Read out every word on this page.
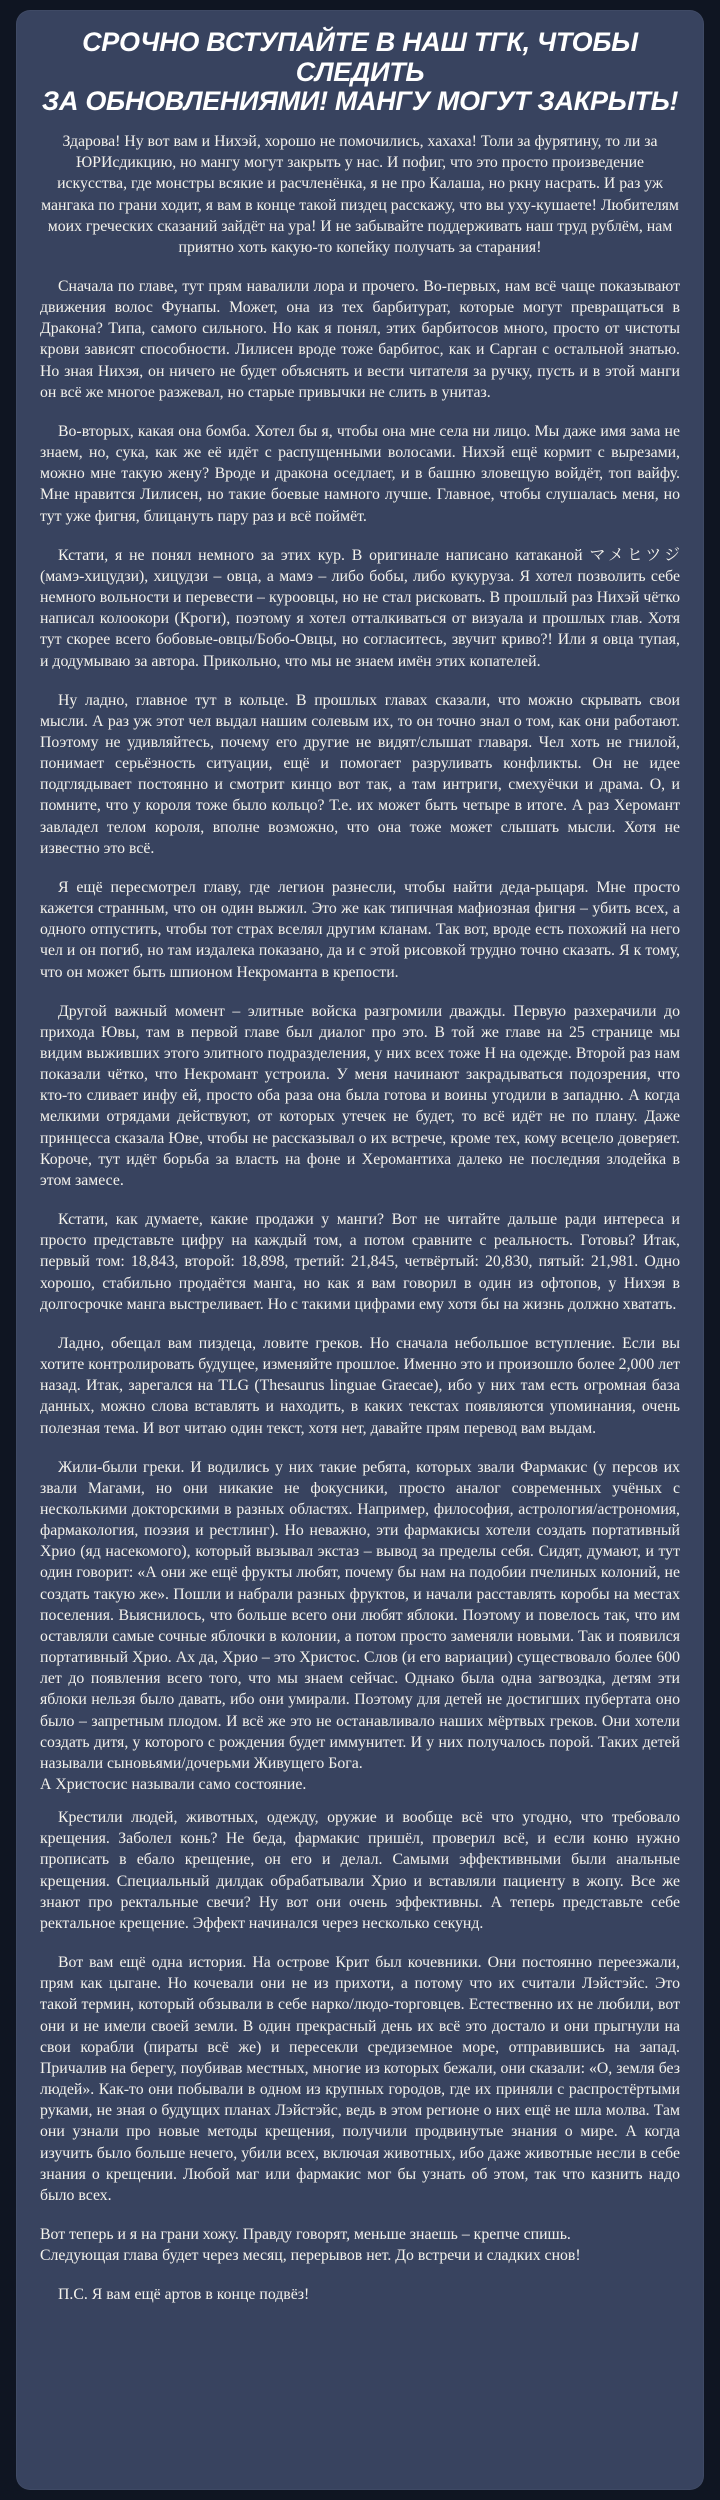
СРОЧНО ВСТУПАЙТЕ В НАШ ТГК, ЧТОБЫ СЛЕДИТЬ
ЗА ОБНОВЛЕНИЯМИ! МАНГУ МОГУТ ЗАКРЫТЬ!

Здарова! Ну вот вам и Нихэй, хорошо не помочились, хахаха! Толи за фурятину, то ли за ЮРИсдикцию, но мангу могут закрыть у нас. И пофиг, что это просто произведение искусства, где монстры всякие и расчленёнка, я не про Калаша, но ркну насрать. И раз уж мангака по грани ходит, я вам в конце такой пиздец расскажу, что вы уху-кушаете! Любителям моих греческих сказаний зайдёт на ура! И не забывайте поддерживать наш труд рублём, нам приятно хоть какую-то копейку получать за старания!

Сначала по главе, тут прям навалили лора и прочего. Во-первых, нам всё чаще показывают движения волос Фунапы. Может, она из тех барбитурат, которые могут превращаться в Дракона? Типа, самого сильного. Но как я понял, этих барбитосов много, просто от чистоты крови зависят способности. Лилисен вроде тоже барбитос, как и Сарган с остальной знатью. Но зная Нихэя, он ничего не будет объяснять и вести читателя за ручку, пусть и в этой манги он всё же многое разжевал, но старые привычки не слить в унитаз.

Во-вторых, какая она бомба. Хотел бы я, чтобы она мне села ни лицо. Мы даже имя зама не знаем, но, сука, как же её идёт с распущенными волосами. Нихэй ещё кормит с вырезами, можно мне такую жену? Вроде и дракона оседлает, и в башню зловещую войдёт, топ вайфу. Мне нравится Лилисен, но такие боевые намного лучше. Главное, чтобы слушалась меня, но тут уже фигня, блицануть пару раз и всё поймёт.

Кстати, я не понял немного за этих кур. В оригинале написано катаканой マメヒツジ (мамэ-хицудзи), хицудзи – овца, а мамэ – либо бобы, либо кукуруза. Я хотел позволить себе немного вольности и перевести – куроовцы, но не стал рисковать. В прошлый раз Нихэй чётко написал колоокори (Кроги), поэтому я хотел отталкиваться от визуала и прошлых глав. Хотя тут скорее всего бобовые-овцы/Бобо-Овцы, но согласитесь, звучит криво?! Или я овца тупая, и додумываю за автора. Прикольно, что мы не знаем имён этих копателей.

Ну ладно, главное тут в кольце. В прошлых главах сказали, что можно скрывать свои мысли. А раз уж этот чел выдал нашим солевым их, то он точно знал о том, как они работают. Поэтому не удивляйтесь, почему его другие не видят/слышат главаря. Чел хоть не гнилой, понимает серьёзность ситуации, ещё и помогает разруливать конфликты. Он не идее подглядывает постоянно и смотрит кинцо вот так, а там интриги, смехуёчки и драма. О, и помните, что у короля тоже было кольцо? Т.е. их может быть четыре в итоге. А раз Херомант завладел телом короля, вполне возможно, что она тоже может слышать мысли. Хотя не известно это всё.

Я ещё пересмотрел главу, где легион разнесли, чтобы найти деда-рыцаря. Мне просто кажется странным, что он один выжил. Это же как типичная мафиозная фигня – убить всех, а одного отпустить, чтобы тот страх вселял другим кланам. Так вот, вроде есть похожий на него чел и он погиб, но там издалека показано, да и с этой рисовкой трудно точно сказать. Я к тому, что он может быть шпионом Некроманта в крепости.

Другой важный момент – элитные войска разгромили дважды. Первую разхерачили до прихода Ювы, там в первой главе был диалог про это. В той же главе на 25 странице мы видим выживших этого элитного подразделения, у них всех тоже Н на одежде. Второй раз нам показали чётко, что Некромант устроила. У меня начинают закрадываться подозрения, что кто-то сливает инфу ей, просто оба раза она была готова и воины угодили в западню. А когда мелкими отрядами действуют, от которых утечек не будет, то всё идёт не по плану. Даже принцесса сказала Юве, чтобы не рассказывал о их встрече, кроме тех, кому всецело доверяет. Короче, тут идёт борьба за власть на фоне и Херомантиха далеко не последняя злодейка в этом замесе.

Кстати, как думаете, какие продажи у манги? Вот не читайте дальше ради интереса и просто представьте цифру на каждый том, а потом сравните с реальность. Готовы? Итак, первый том: 18,843, второй: 18,898, третий: 21,845, четвёртый: 20,830, пятый: 21,981. Одно хорошо, стабильно продаётся манга, но как я вам говорил в один из офтопов, у Нихэя в долгосрочке манга выстреливает. Но с такими цифрами ему хотя бы на жизнь должно хватать.

Ладно, обещал вам пиздеца, ловите греков. Но сначала небольшое вступление. Если вы хотите контролировать будущее, изменяйте прошлое. Именно это и произошло более 2,000 лет назад. Итак, зарегался на TLG (Thesaurus linguae Graecae), ибо у них там есть огромная база данных, можно слова вставлять и находить, в каких текстах появляются упоминания, очень полезная тема. И вот читаю один текст, хотя нет, давайте прям перевод вам выдам.

Жили-были греки. И водились у них такие ребята, которых звали Фармакис (у персов их звали Магами, но они никакие не фокусники, просто аналог современных учёных с несколькими докторскими в разных областях. Например, философия, астрология/астрономия, фармакология, поэзия и рестлинг). Но неважно, эти фармакисы хотели создать портативный Хрио (яд насекомого), который вызывал экстаз – вывод за пределы себя. Сидят, думают, и тут один говорит: «А они же ещё фрукты любят, почему бы нам на подобии пчелиных колоний, не создать такую же». Пошли и набрали разных фруктов, и начали расставлять коробы на местах поселения. Выяснилось, что больше всего они любят яблоки. Поэтому и повелось так, что им оставляли самые сочные яблочки в колонии, а потом просто заменяли новыми. Так и появился портативный Хрио. Ах да, Хрио – это Христос. Слов (и его вариации) существовало более 600 лет до появления всего того, что мы знаем сейчас. Однако была одна загвоздка, детям эти яблоки нельзя было давать, ибо они умирали. Поэтому для детей не достигших пубертата оно было – запретным плодом. И всё же это не останавливало наших мёртвых греков. Они хотели создать дитя, у которого с рождения будет иммунитет. И у них получалось порой. Таких детей называли сыновьями/дочерьми Живущего Бога.
А Христосис называли само состояние.

Крестили людей, животных, одежду, оружие и вообще всё что угодно, что требовало крещения. Заболел конь? Не беда, фармакис пришёл, проверил всё, и если коню нужно прописать в ебало крещение, он его и делал. Самыми эффективными были анальные крещения. Специальный дилдак обрабатывали Хрио и вставляли пациенту в жопу. Все же знают про ректальные свечи? Ну вот они очень эффективны. А теперь представьте себе ректальное крещение. Эффект начинался через несколько секунд.

Вот вам ещё одна история. На острове Крит был кочевники. Они постоянно переезжали, прям как цыгане. Но кочевали они не из прихоти, а потому что их считали Лэйстэйс. Это такой термин, который обзывали в себе нарко/людо-торговцев. Естественно их не любили, вот они и не имели своей земли. В один прекрасный день их всё это достало и они прыгнули на свои корабли (пираты всё же) и пересекли средиземное море, отправившись на запад. Причалив на берегу, поубивав местных, многие из которых бежали, они сказали: «О, земля без людей». Как-то они побывали в одном из крупных городов, где их приняли с распростёртыми руками, не зная о будущих планах Лэйстэйс, ведь в этом регионе о них ещё не шла молва. Там они узнали про новые методы крещения, получили продвинутые знания о мире. А когда изучить было больше нечего, убили всех, включая животных, ибо даже животные несли в себе знания о крещении. Любой маг или фармакис мог бы узнать об этом, так что казнить надо было всех.

Вот теперь и я на грани хожу. Правду говорят, меньше знаешь – крепче спишь.
Следующая глава будет через месяц, перерывов нет. До встречи и сладких снов!

П.С. Я вам ещё артов в конце подвёз!
